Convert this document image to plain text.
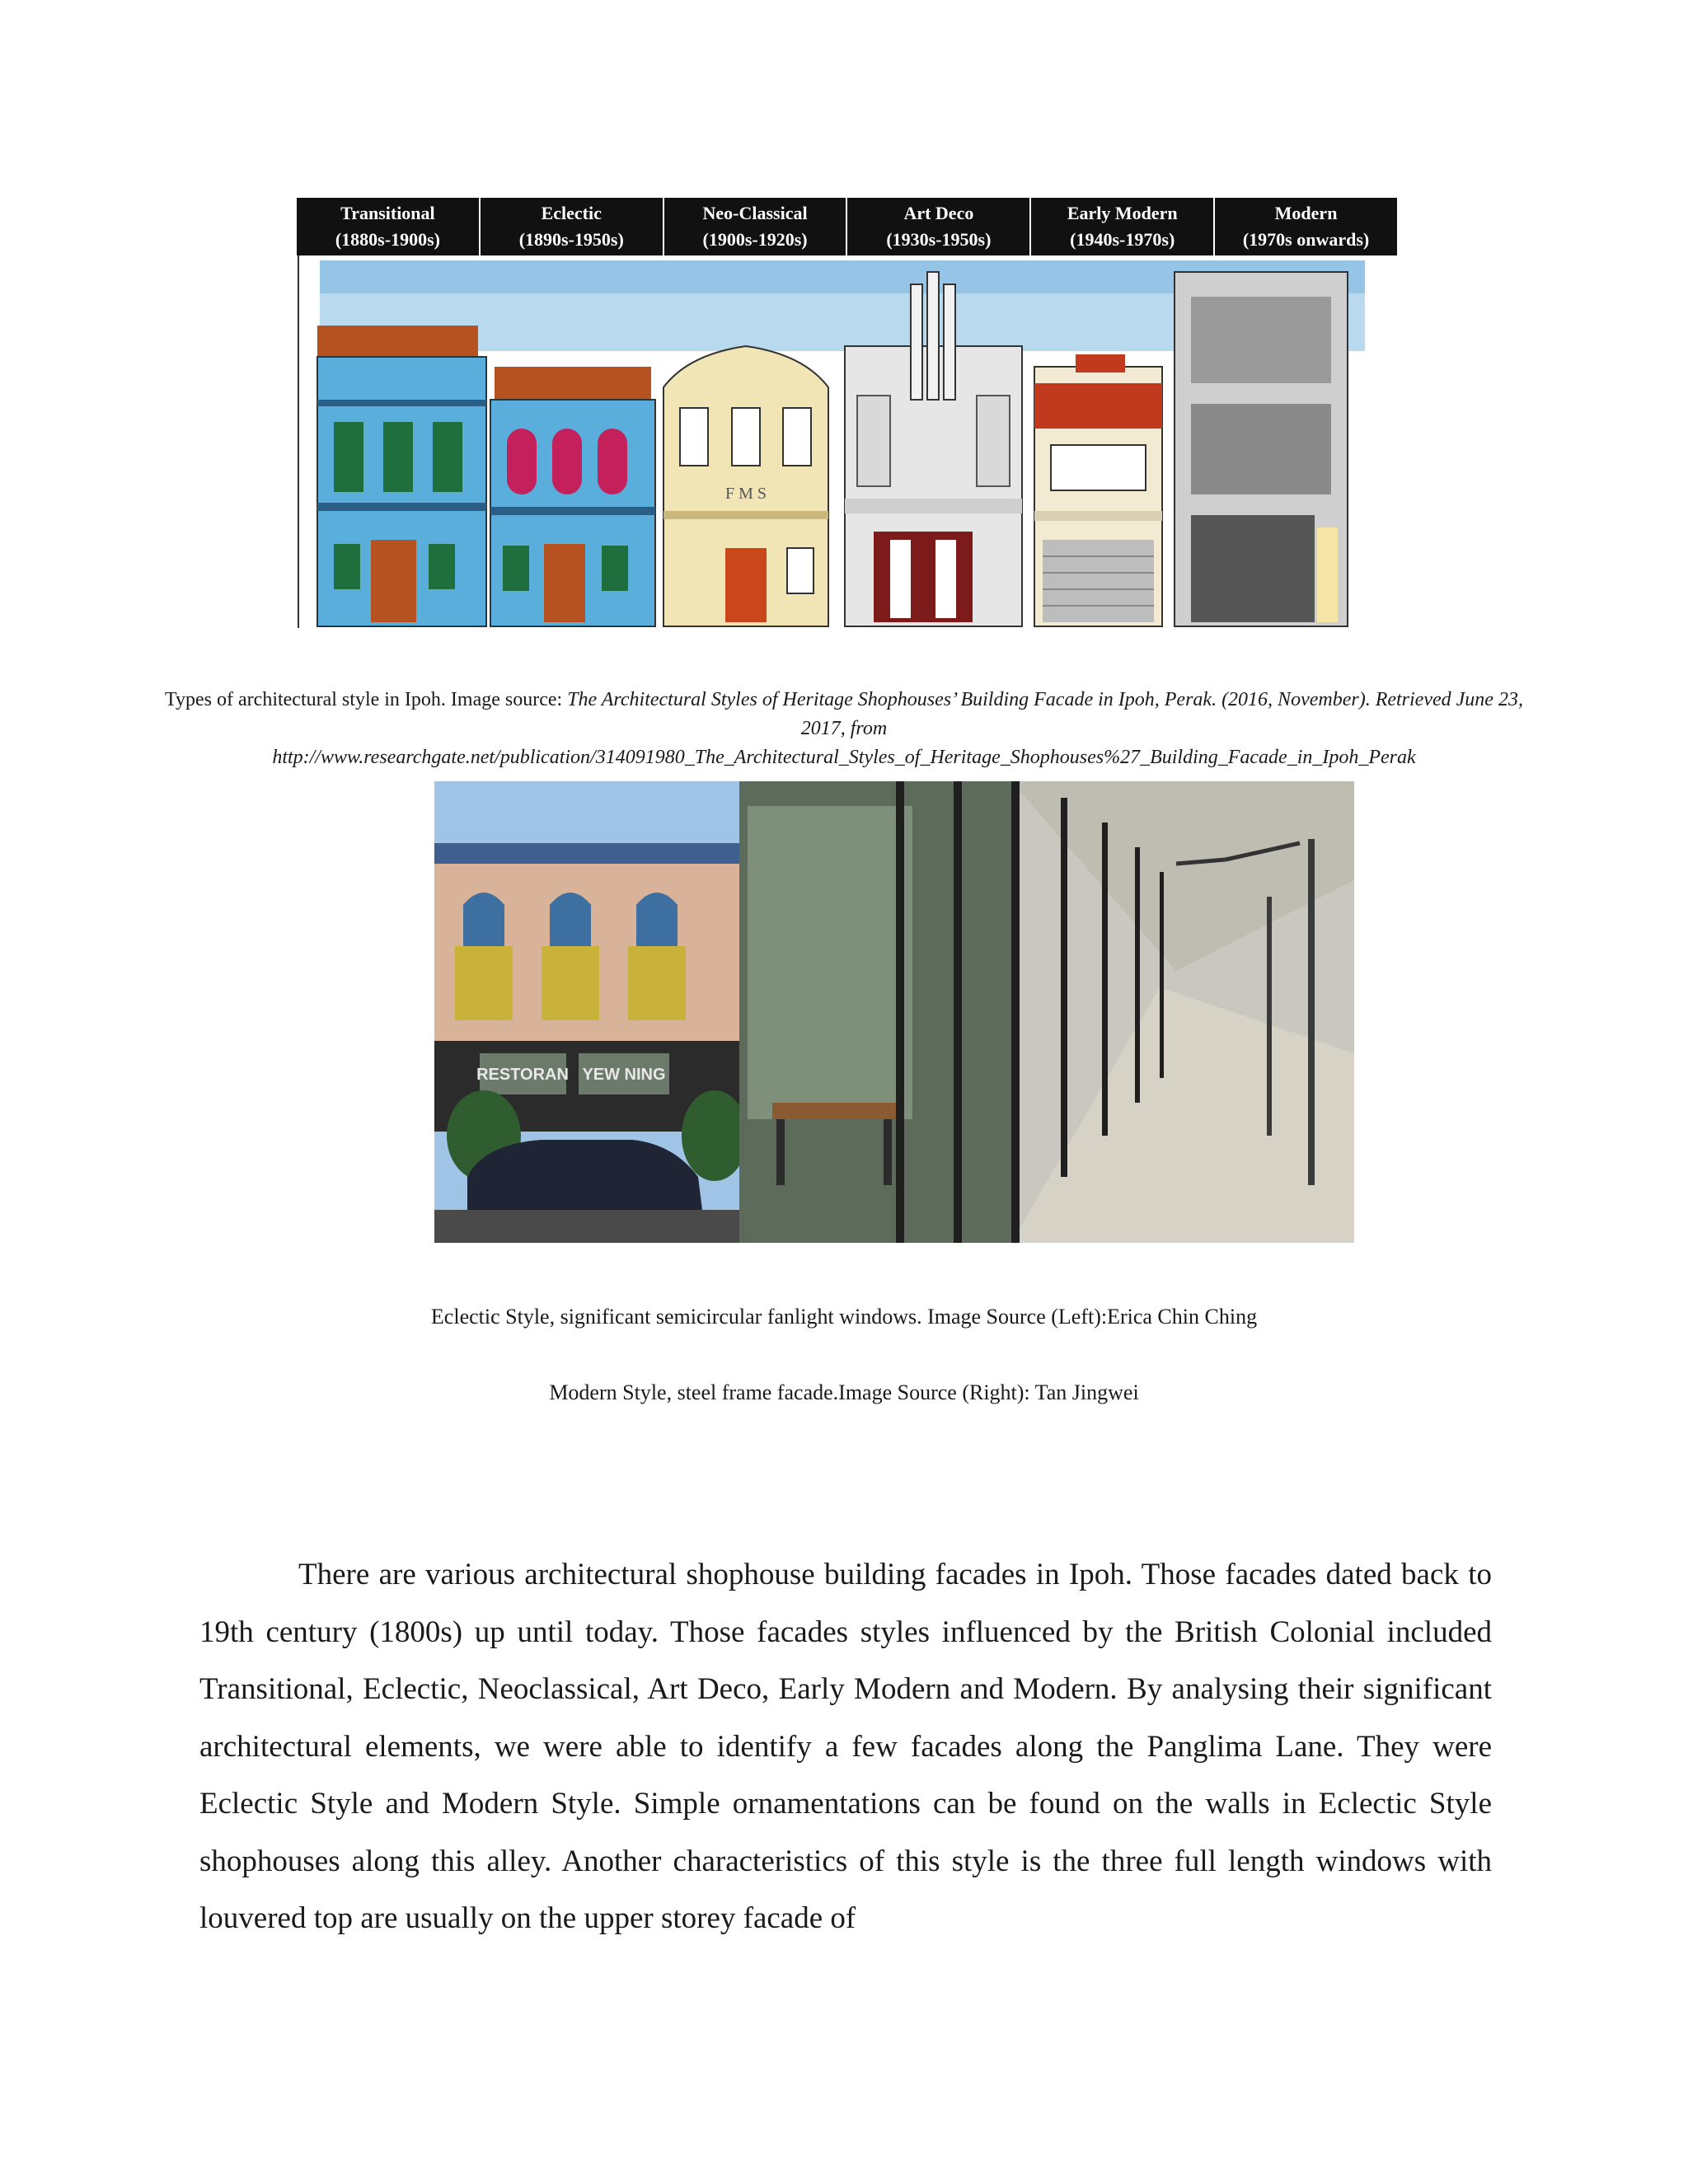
Transitional
(1880s-1900s)
Eclectic
(1890s-1950s)
Neo-Classical
(1900s-1920s)
Art Deco
(1930s-1950s)
Early Modern
(1940s-1970s)
Modern
(1970s onwards)
F M S
Types of architectural style in Ipoh. Image source: The Architectural Styles of Heritage Shophouses’ Building Facade in Ipoh, Perak. (2016, November). Retrieved June 23, 2017, from
http://www.researchgate.net/publication/314091980_The_Architectural_Styles_of_Heritage_Shophouses%27_Building_Facade_in_Ipoh_Perak
RESTORAN YEW NING
Eclectic Style, significant semicircular fanlight windows. Image Source (Left):Erica Chin Ching
Modern Style, steel frame facade.Image Source (Right): Tan Jingwei

There are various architectural shophouse building facades in Ipoh. Those facades dated back to 19th century (1800s) up until today. Those facades styles influenced by the British Colonial included Transitional, Eclectic, Neoclassical, Art Deco, Early Modern and Modern. By analysing their significant architectural elements, we were able to identify a few facades along the Panglima Lane. They were Eclectic Style and Modern Style. Simple ornamentations can be found on the walls in Eclectic Style shophouses along this alley. Another characteristics of this style is the three full length windows with louvered top are usually on the upper storey facade of
